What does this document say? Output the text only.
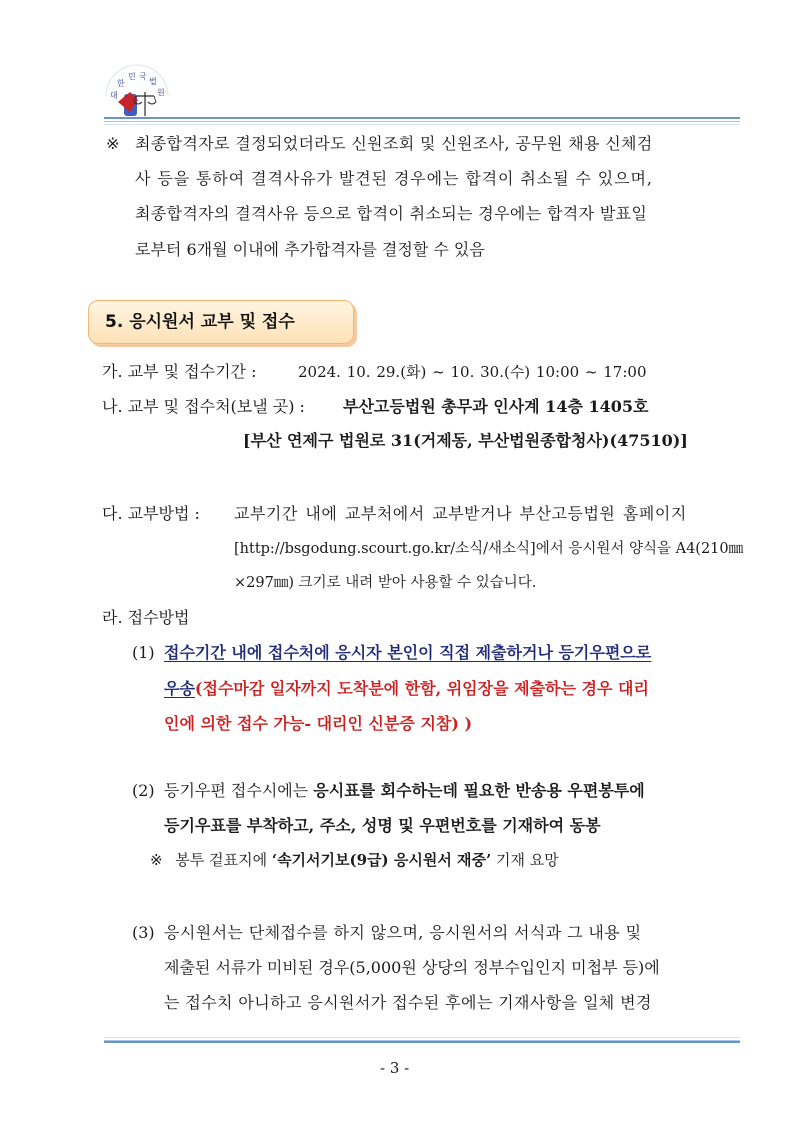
대
한
민 국
법
원
※ 최종합격자로 결정되었더라도 신원조회 및 신원조사, 공무원 채용 신체검
사 등을 통하여 결격사유가 발견된 경우에는 합격이 취소될 수 있으며,
최종합격자의 결격사유 등으로 합격이 취소되는 경우에는 합격자 발표일
로부터 6개월 이내에 추가합격자를 결정할 수 있음
5. 응시원서 교부 및 접수
가. 교부 및 접수기간 :	2024. 10. 29.(화) ~ 10. 30.(수) 10:00 ~ 17:00
나. 교부 및 접수처(보낼 곳) : 부산고등법원 총무과 인사계 14층 1405호
[부산 연제구 법원로 31(거제동, 부산법원종합청사)(47510)]
다. 교부방법 : 교부기간 내에 교부처에서 교부받거나 부산고등법원 홈페이지
[http://bsgodung.scourt.go.kr/소식/새소식]에서 응시원서 양식을 A4(210㎜
×297㎜) 크기로 내려 받아 사용할 수 있습니다.
라. 접수방법
(1) 접수기간 내에 접수처에 응시자 본인이 직접 제출하거나 등기우편으로
우송(접수마감 일자까지 도착분에 한함, 위임장을 제출하는 경우 대리
인에 의한 접수 가능- 대리인 신분증 지참) )
(2) 등기우편 접수시에는 응시표를 회수하는데 필요한 반송용 우편봉투에
등기우표를 부착하고, 주소, 성명 및 우편번호를 기재하여 동봉
※ 봉투 겉표지에 ‘속기서기보(9급) 응시원서 재중’ 기재 요망
(3) 응시원서는 단체접수를 하지 않으며, 응시원서의 서식과 그 내용 및
제출된 서류가 미비된 경우(5,000원 상당의 정부수입인지 미첩부 등)에
는 접수치 아니하고 응시원서가 접수된 후에는 기재사항을 일체 변경
- 3 -
